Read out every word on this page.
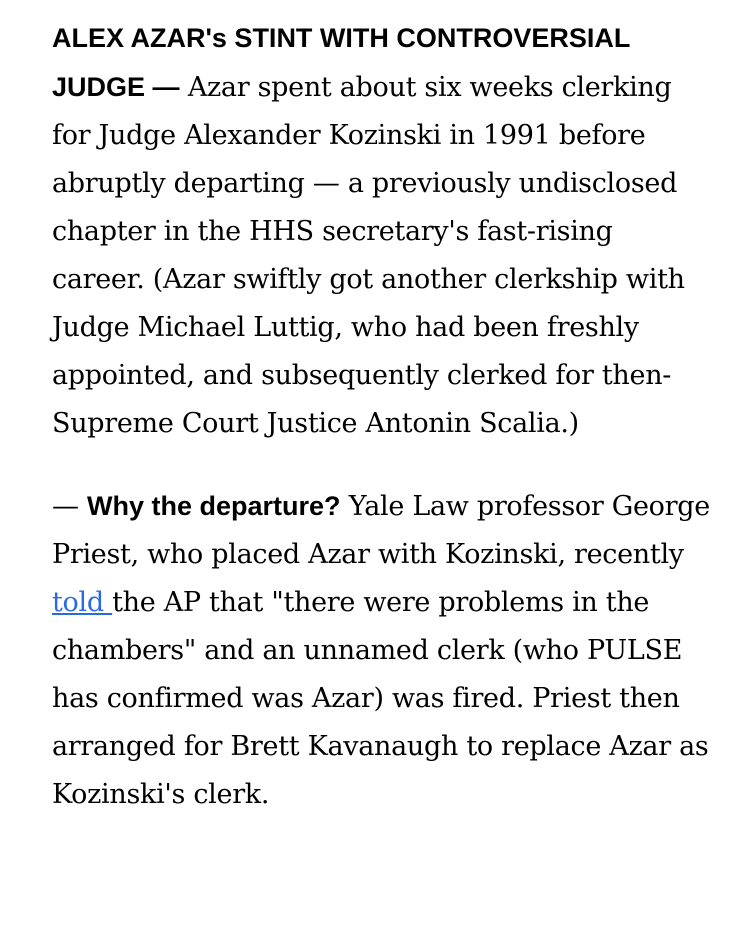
ALEX AZAR's STINT WITH CONTROVERSIAL JUDGE — Azar spent about six weeks clerking for Judge Alexander Kozinski in 1991 before abruptly departing — a previously undisclosed chapter in the HHS secretary's fast-rising career. (Azar swiftly got another clerkship with Judge Michael Luttig, who had been freshly appointed, and subsequently clerked for then-Supreme Court Justice Antonin Scalia.)

— Why the departure? Yale Law professor George Priest, who placed Azar with Kozinski, recently told the AP that "there were problems in the chambers" and an unnamed clerk (who PULSE has confirmed was Azar) was fired. Priest then arranged for Brett Kavanaugh to replace Azar as Kozinski's clerk.
